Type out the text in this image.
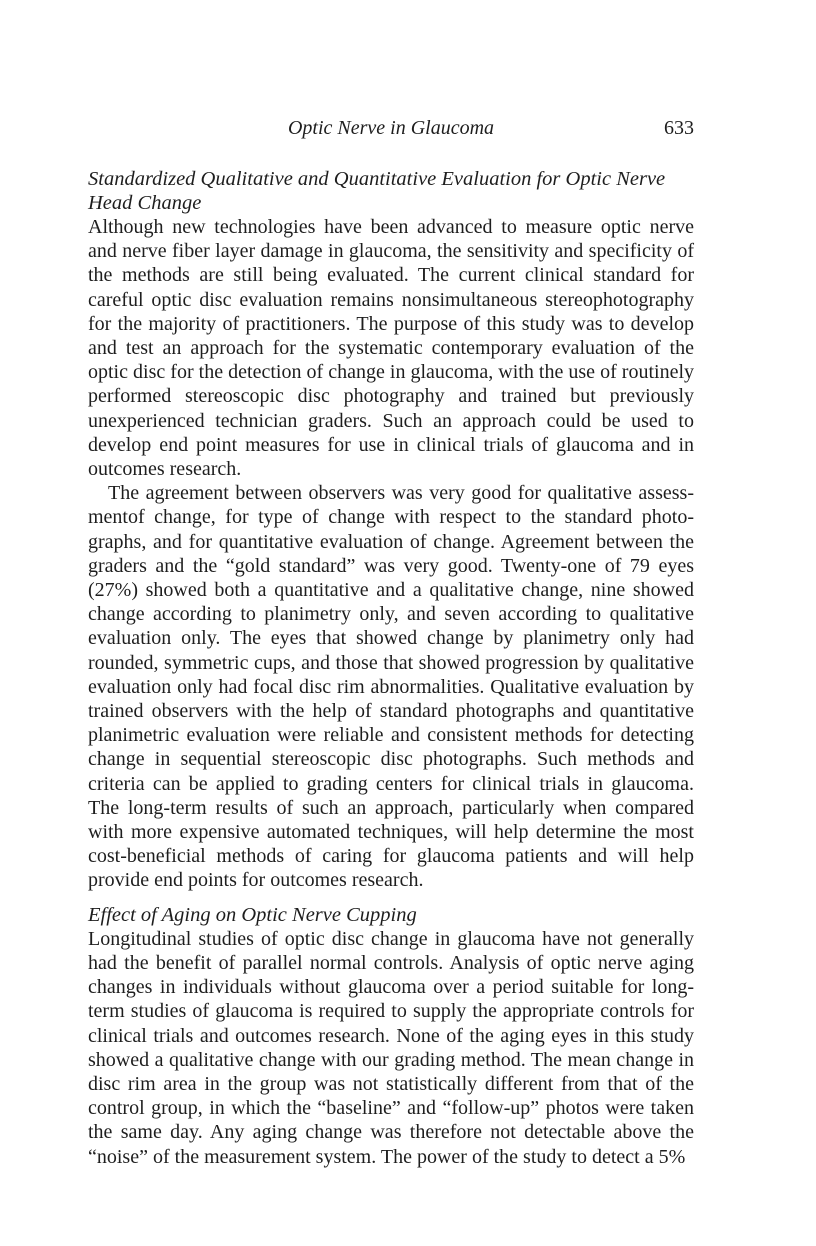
Optic Nerve in Glaucoma	633
Standardized Qualitative and Quantitative Evaluation for Optic Nerve Head Change

Although new technologies have been advanced to measure optic nerve and nerve fiber layer damage in glaucoma, the sensitivity and specificity of the methods are still being evaluated. The current clinical standard for careful optic disc evaluation remains nonsimultaneous stereophotography for the majority of practitioners. The purpose of this study was to develop and test an approach for the systematic contemporary evaluation of the optic disc for the detection of change in glaucoma, with the use of routinely performed stereoscopic disc photography and trained but previously unexperienced technician graders. Such an approach could be used to develop end point measures for use in clinical trials of glaucoma and in outcomes research.

The agreement between observers was very good for qualitative assessmentof change, for type of change with respect to the standard photographs, and for quantitative evaluation of change. Agreement between the graders and the “gold standard” was very good. Twenty-one of 79 eyes (27%) showed both a quantitative and a qualitative change, nine showed change according to planimetry only, and seven according to qualitative evaluation only. The eyes that showed change by planimetry only had rounded, symmetric cups, and those that showed progression by qualitative evaluation only had focal disc rim abnormalities. Qualitative evaluation by trained observers with the help of standard photographs and quantitative planimetric evaluation were reliable and consistent methods for detecting change in sequential stereoscopic disc photographs. Such methods and criteria can be applied to grading centers for clinical trials in glaucoma. The long-term results of such an approach, particularly when compared with more expensive automated techniques, will help determine the most cost-beneficial methods of caring for glaucoma patients and will help provide end points for outcomes research.

Effect of Aging on Optic Nerve Cupping

Longitudinal studies of optic disc change in glaucoma have not generally had the benefit of parallel normal controls. Analysis of optic nerve aging changes in individuals without glaucoma over a period suitable for long-term studies of glaucoma is required to supply the appropriate controls for clinical trials and outcomes research. None of the aging eyes in this study showed a qualitative change with our grading method. The mean change in disc rim area in the group was not statistically different from that of the control group, in which the “baseline” and “follow-up” photos were taken the same day. Any aging change was therefore not detectable above the “noise” of the measurement system. The power of the study to detect a 5%
